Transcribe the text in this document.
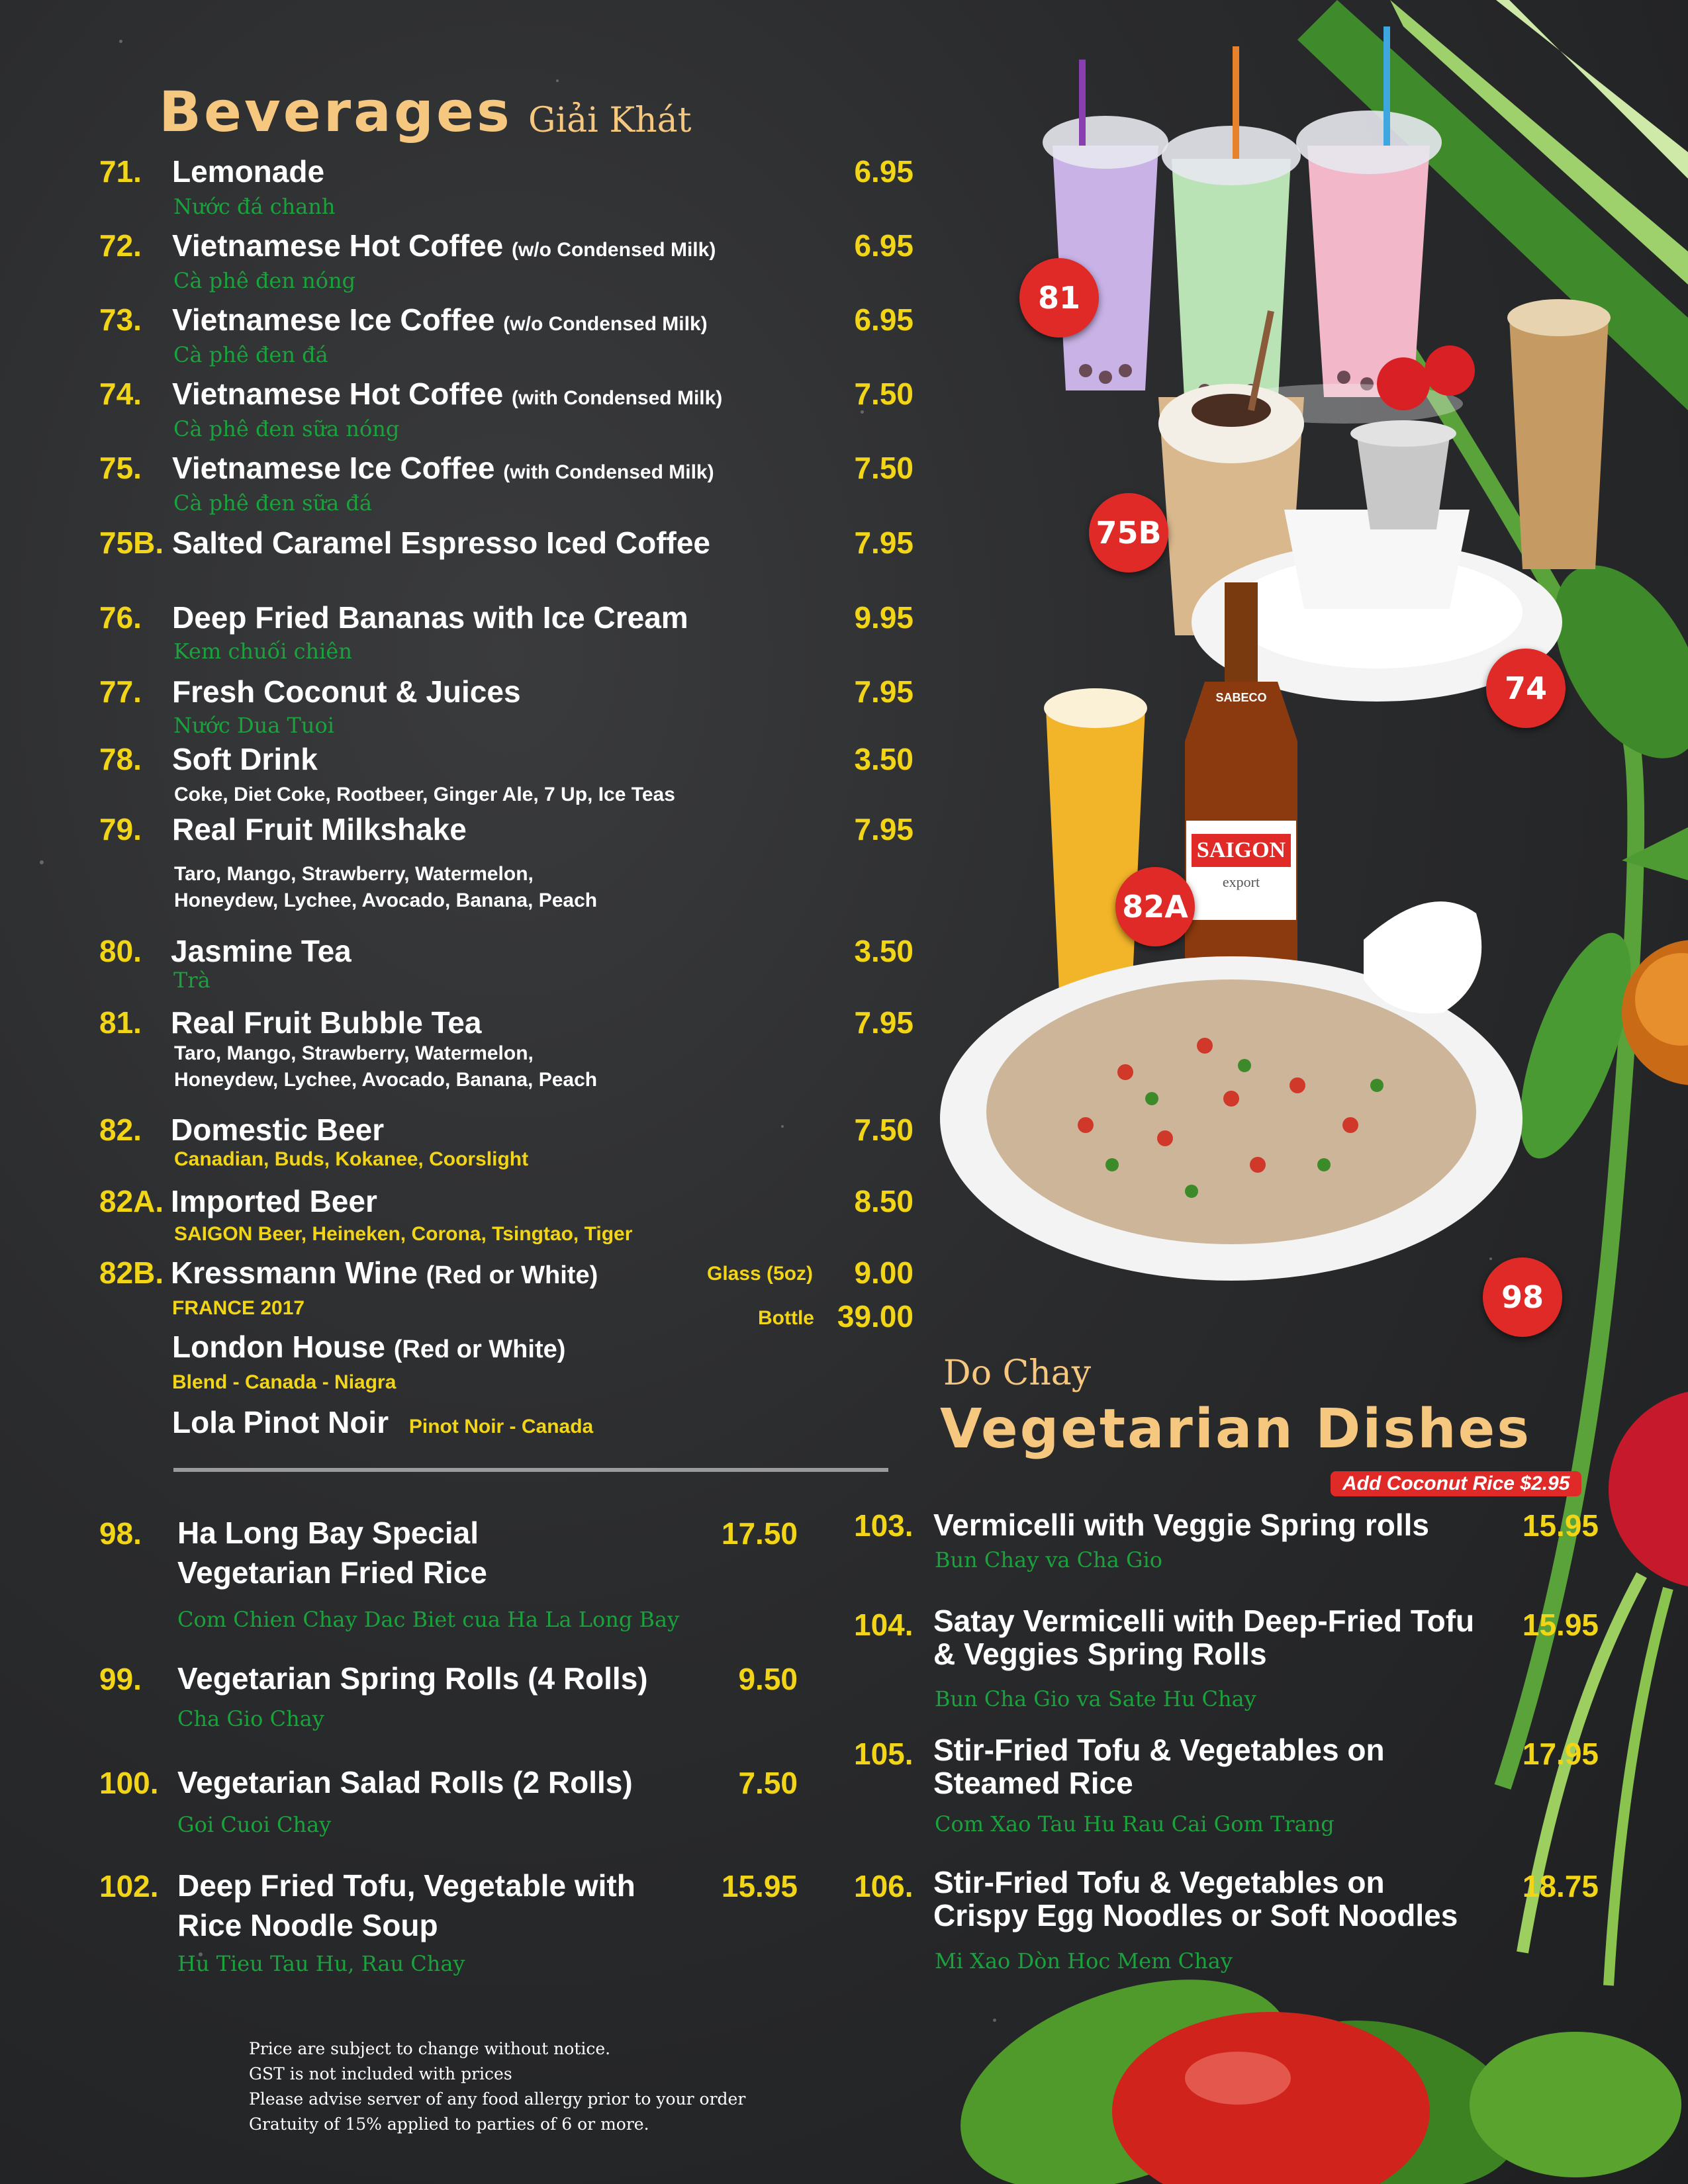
SAIGON
export
SABECO
81
75B
74
82A
98
Beverages Giải Khát
71. Lemonade	6.95
Nước đá chanh
72. Vietnamese Hot Coffee (w/o Condensed Milk)	6.95
Cà phê đen nóng
73. Vietnamese Ice Coffee (w/o Condensed Milk)	6.95
Cà phê đen đá
74. Vietnamese Hot Coffee (with Condensed Milk)	7.50
Cà phê đen sữa nóng
75. Vietnamese Ice Coffee (with Condensed Milk)	7.50
Cà phê đen sữa đá
75B. Salted Caramel Espresso Iced Coffee	7.95
76. Deep Fried Bananas with Ice Cream	9.95
Kem chuối chiên
77. Fresh Coconut & Juices	7.95
Nước Dua Tuoi
78. Soft Drink	3.50
Coke, Diet Coke, Rootbeer, Ginger Ale, 7 Up, Ice Teas
79. Real Fruit Milkshake	7.95
Taro, Mango, Strawberry, Watermelon,
Honeydew, Lychee, Avocado, Banana, Peach
80. Jasmine Tea	3.50
Trà
81. Real Fruit Bubble Tea	7.95
Taro, Mango, Strawberry, Watermelon,
Honeydew, Lychee, Avocado, Banana, Peach
82. Domestic Beer	7.50
Canadian, Buds, Kokanee, Coorslight
82A. Imported Beer	8.50
SAIGON Beer, Heineken, Corona, Tsingtao, Tiger
82B. Kressmann Wine (Red or White)	Glass (5oz)	9.00
FRANCE 2017	Bottle 39.00
London House (Red or White)
Blend - Canada - Niagra
Lola Pinot Noir Pinot Noir - Canada
Do Chay
Vegetarian Dishes
Add Coconut Rice $2.95
98. Ha Long Bay Special
Vegetarian Fried Rice
17.50
Com Chien Chay Dac Biet cua Ha La Long Bay
99. Vegetarian Spring Rolls (4 Rolls)	9.50
Cha Gio Chay
100. Vegetarian Salad Rolls (2 Rolls)	7.50
Goi Cuoi Chay
102. Deep Fried Tofu, Vegetable with
Rice Noodle Soup
15.95
Hu Tieu Tau Hu, Rau Chay
103. Vermicelli with Veggie Spring rolls	15.95
Bun Chay va Cha Gio
104. Satay Vermicelli with Deep-Fried Tofu
& Veggies Spring Rolls
15.95
Bun Cha Gio va Sate Hu Chay
105. Stir-Fried Tofu & Vegetables on
Steamed Rice
17.95
Com Xao Tau Hu Rau Cai Gom Trang
106. Stir-Fried Tofu & Vegetables on
Crispy Egg Noodles or Soft Noodles
18.75
Mi Xao Dòn Hoc Mem Chay
Price are subject to change without notice.
GST is not included with prices
Please advise server of any food allergy prior to your order
Gratuity of 15% applied to parties of 6 or more.
